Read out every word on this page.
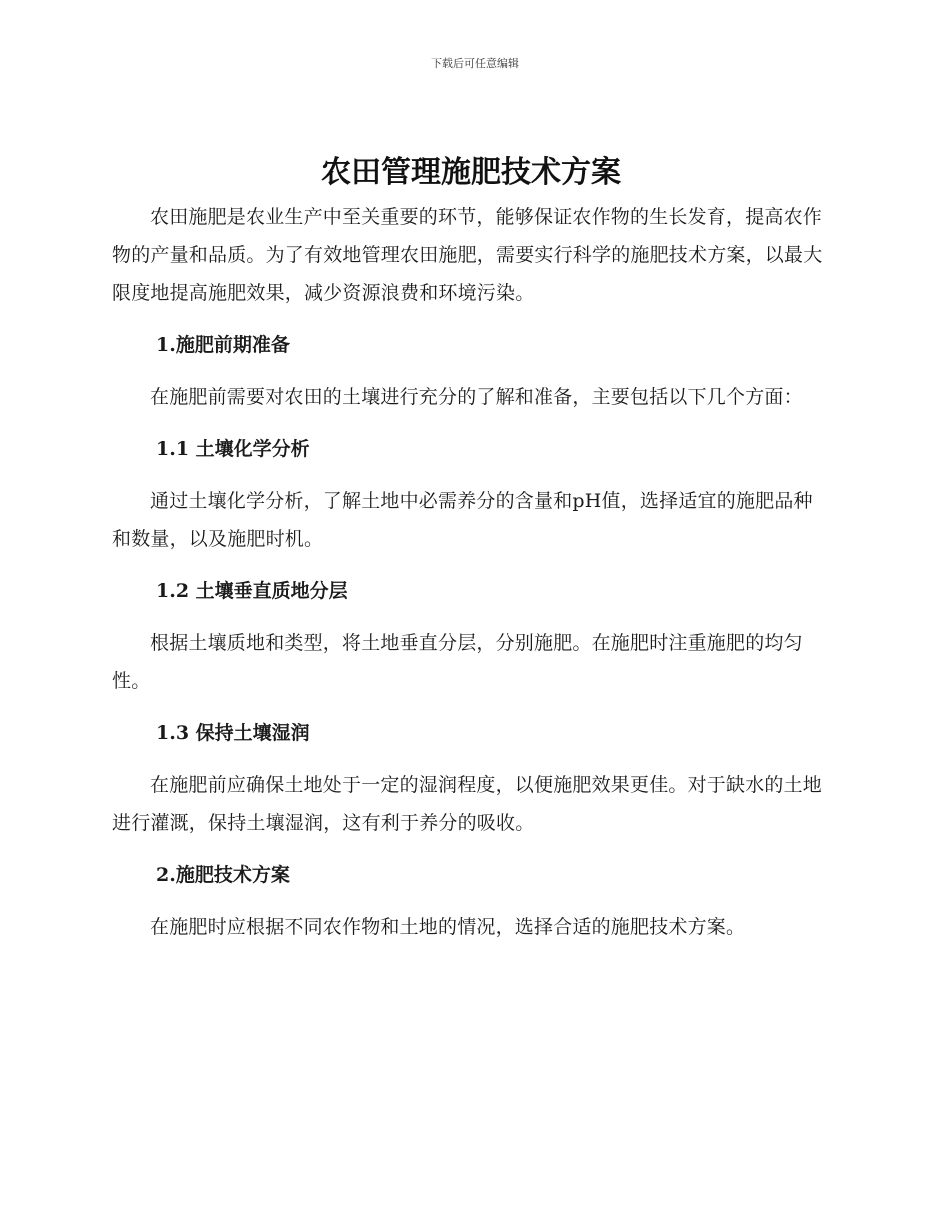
下载后可任意编辑
农田管理施肥技术方案

农田施肥是农业生产中至关重要的环节，能够保证农作物的生长发育，提高农作物的产量和品质。为了有效地管理农田施肥，需要实行科学的施肥技术方案，以最大限度地提高施肥效果，减少资源浪费和环境污染。

1.施肥前期准备

在施肥前需要对农田的土壤进行充分的了解和准备，主要包括以下几个方面：

1.1 土壤化学分析

通过土壤化学分析，了解土地中必需养分的含量和pH值，选择适宜的施肥品种和数量，以及施肥时机。

1.2 土壤垂直质地分层

根据土壤质地和类型，将土地垂直分层，分别施肥。在施肥时注重施肥的均匀性。

1.3 保持土壤湿润

在施肥前应确保土地处于一定的湿润程度，以便施肥效果更佳。对于缺水的土地进行灌溉，保持土壤湿润，这有利于养分的吸收。

2.施肥技术方案

在施肥时应根据不同农作物和土地的情况，选择合适的施肥技术方案。
